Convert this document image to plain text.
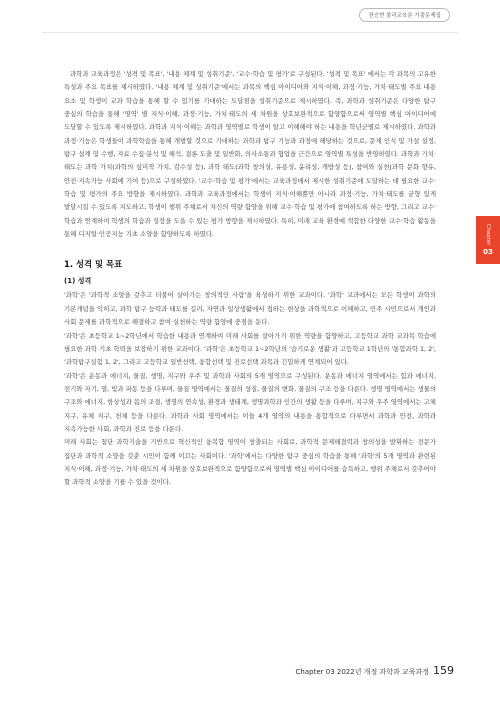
천승현 물리교육론 기출문제집
Chapter
03

과학과 교육과정은 '성격 및 목표', '내용 체계 및 성취기준', '교수·학습 및 평가'로 구성된다. '성격 및 목표' 에서는 각 과목의 고유한 특성과 주요 목표를 제시하였다. '내용 체계 및 성취기준'에서는 과목의 핵심 아이디어와 지식·이해, 과정·기능, 가치·태도별 주요 내용 요소 및 학생이 교과 학습을 통해 할 수 있기를 기대하는 도달점을 성취기준으로 제시하였다. 즉, 과학과 성취기준은 다양한 탐구 중심의 학습을 통해 '영역' 별 지식·이해, 과정·기능, 가치·태도의 세 차원을 상호보완적으로 함양함으로써 영역별 핵심 아이디어에 도달할 수 있도록 제시하였다. 과학과 지식·이해는 과학과 영역별로 학생이 알고 이해해야 하는 내용을 학년군별로 제시하였다. 과학과 과정·기능은 학생들이 과학학습을 통해 개발할 것으로 기대하는 과학과 탐구 기능과 과정에 해당하는 것으로, 문제 인식 및 가설 설정, 탐구 설계 및 수행, 자료 수집·분석 및 해석, 결론 도출 및 일반화, 의사소통과 협업을 근간으로 영역별 특성을 반영하였다. 과학과 가치·태도는 과학 가치(과학의 심미적 가치, 감수성 등), 과학 태도(과학 창의성, 유용성, 윤리성, 개방성 등), 참여와 실천(과학 문화 향유, 안전·지속가능 사회에 기여 등)으로 구성하였다. '교수·학습 및 평가'에서는 교육과정에서 제시한 성취기준에 도달하는 데 필요한 교수·학습 및 평가의 주요 방향을 제시하였다. 과학과 교육과정에서는 학생이 지식·이해뿐만 아니라 과정·기능, 가치·태도를 균형 있게 발달시킬 수 있도록 지도하고, 학생이 행위 주체로서 자신의 역량 함양을 위해 교수·학습 및 평가에 참여하도록 하는 방향, 그리고 교수·학습과 연계하여 학생의 학습과 성장을 도울 수 있는 평가 방향을 제시하였다. 특히, 미래 교육 환경에 적합한 다양한 교수·학습 활동을 통해 디지털·인공지능 기초 소양을 함양하도록 하였다.

1. 성격 및 목표
(1) 성격

'과학'은 '과학적 소양을 갖추고 더불어 살아가는 창의적인 사람'을 육성하기 위한 교과이다. '과학' 교과에서는 모든 학생이 과학의 기본개념을 익히고, 과학 탐구 능력과 태도를 길러, 자연과 일상생활에서 접하는 현상을 과학적으로 이해하고, 민주 시민으로서 개인과 사회 문제를 과학적으로 해결하고 참여·실천하는 역량 함양에 중점을 둔다.

'과학'은 초등학교 1~2학년에서 학습한 내용과 연계하여 미래 사회를 살아가기 위한 역량을 함양하고, 고등학교 과학 교과목 학습에 필요한 과학 기초 학력을 보장하기 위한 교과이다. '과학'은 초등학교 1~2학년의 '슬기로운 생활'과 고등학교 1학년의 '통합과학 1, 2', '과학탐구실험 1, 2', 그리고 고등학교 일반선택, 융합선택 및 진로선택 과목과 긴밀하게 연계되어 있다.

'과학'은 운동과 에너지, 물질, 생명, 지구와 우주 및 과학과 사회의 5개 영역으로 구성된다. 운동과 에너지 영역에서는 힘과 에너지, 전기와 자기, 열, 빛과 파동 등을 다루며, 물질 영역에서는 물질의 성질, 물질의 변화, 물질의 구조 등을 다룬다. 생명 영역에서는 생물의 구조와 에너지, 항상성과 몸의 조절, 생명의 연속성, 환경과 생태계, 생명과학과 인간의 생활 등을 다루며, 지구와 우주 영역에서는 고체 지구, 유체 지구, 천체 등을 다룬다. 과학과 사회 영역에서는 이들 4개 영역의 내용을 통합적으로 다루면서 과학과 안전, 과학과 지속가능한 사회, 과학과 진로 등을 다룬다.

미래 사회는 첨단 과학기술을 기반으로 혁신적인 융복합 영역이 창출되는 사회로, 과학적 문제해결력과 창의성을 발휘하는 전문가 집단과 과학적 소양을 갖춘 시민이 함께 이끄는 사회이다. '과학'에서는 다양한 탐구 중심의 학습을 통해 '과학'의 5개 영역과 관련된 지식·이해, 과정·기능, 가치·태도의 세 차원을 상호보완적으로 함양함으로써 영역별 핵심 아이디어를 습득하고, 행위 주체로서 갖추어야 할 과학적 소양을 기를 수 있을 것이다.

Chapter 03 2022년 개정 과학과 교육과정 159
